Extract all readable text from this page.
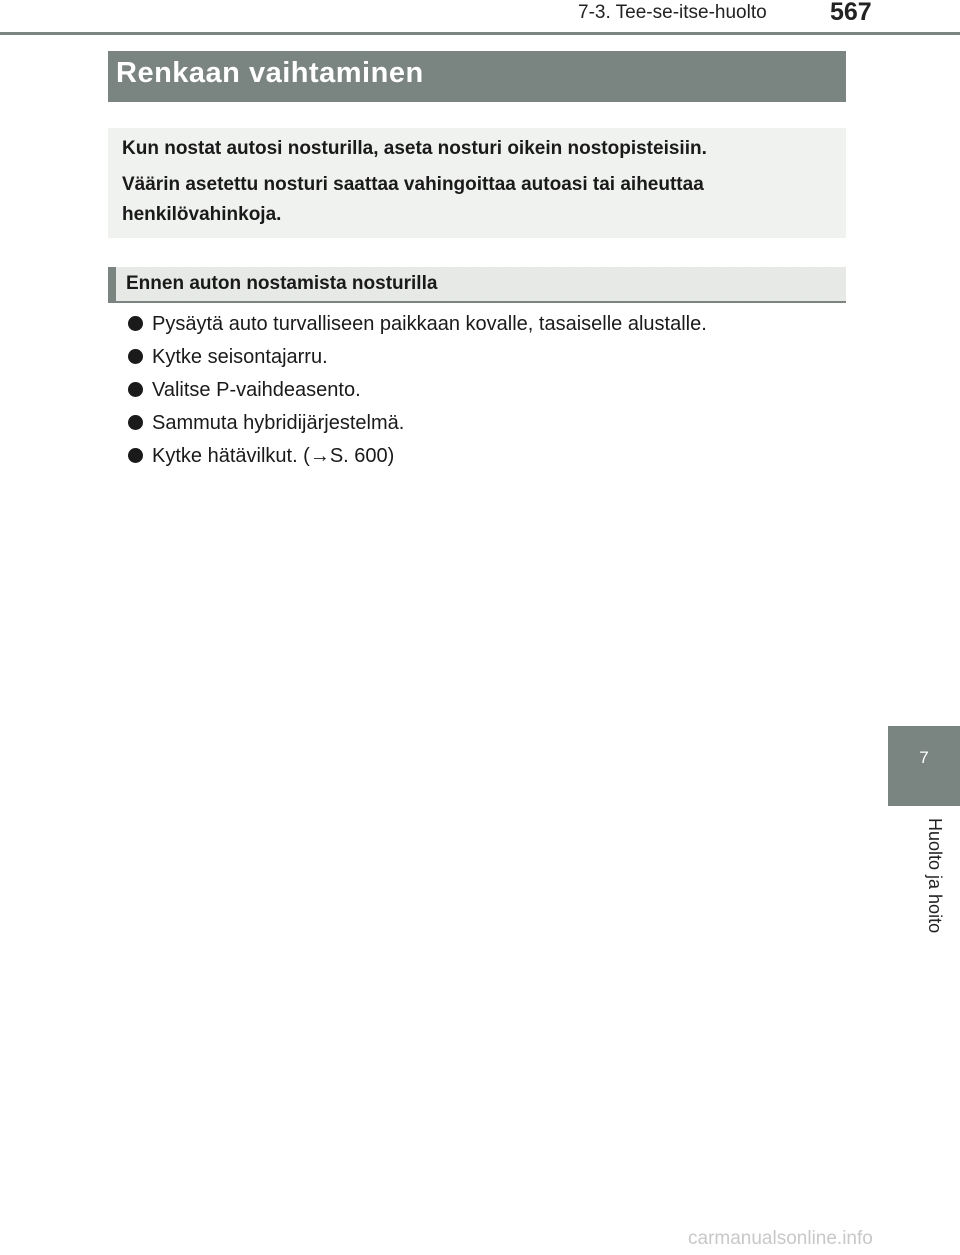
7-3. Tee-se-itse-huolto	567
Renkaan vaihtaminen
Kun nostat autosi nosturilla, aseta nosturi oikein nostopisteisiin.
Väärin asetettu nosturi saattaa vahingoittaa autoasi tai aiheuttaa
henkilövahinkoja.
Ennen auton nostamista nosturilla
Pysäytä auto turvalliseen paikkaan kovalle, tasaiselle alustalle.
Kytke seisontajarru.
Valitse P-vaihdeasento.
Sammuta hybridijärjestelmä.
Kytke hätävilkut. (→S. 600)
7
Huolto ja hoito
carmanualsonline.info
